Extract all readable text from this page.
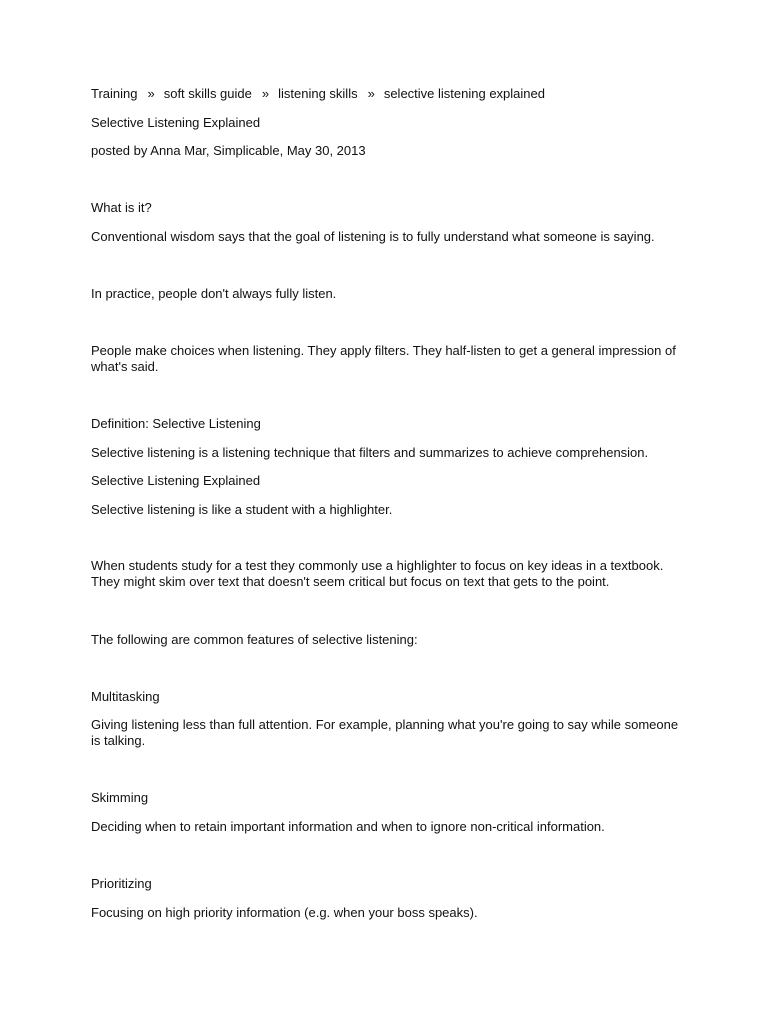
Training » soft skills guide » listening skills » selective listening explained

Selective Listening Explained

posted by Anna Mar, Simplicable, May 30, 2013

What is it?

Conventional wisdom says that the goal of listening is to fully understand what someone is saying.

In practice, people don't always fully listen.

People make choices when listening. They apply filters. They half-listen to get a general impression of what's said.

Definition: Selective Listening

Selective listening is a listening technique that filters and summarizes to achieve comprehension.

Selective Listening Explained

Selective listening is like a student with a highlighter.

When students study for a test they commonly use a highlighter to focus on key ideas in a textbook. They might skim over text that doesn't seem critical but focus on text that gets to the point.

The following are common features of selective listening:

Multitasking

Giving listening less than full attention. For example, planning what you're going to say while someone is talking.

Skimming

Deciding when to retain important information and when to ignore non-critical information.

Prioritizing

Focusing on high priority information (e.g. when your boss speaks).
